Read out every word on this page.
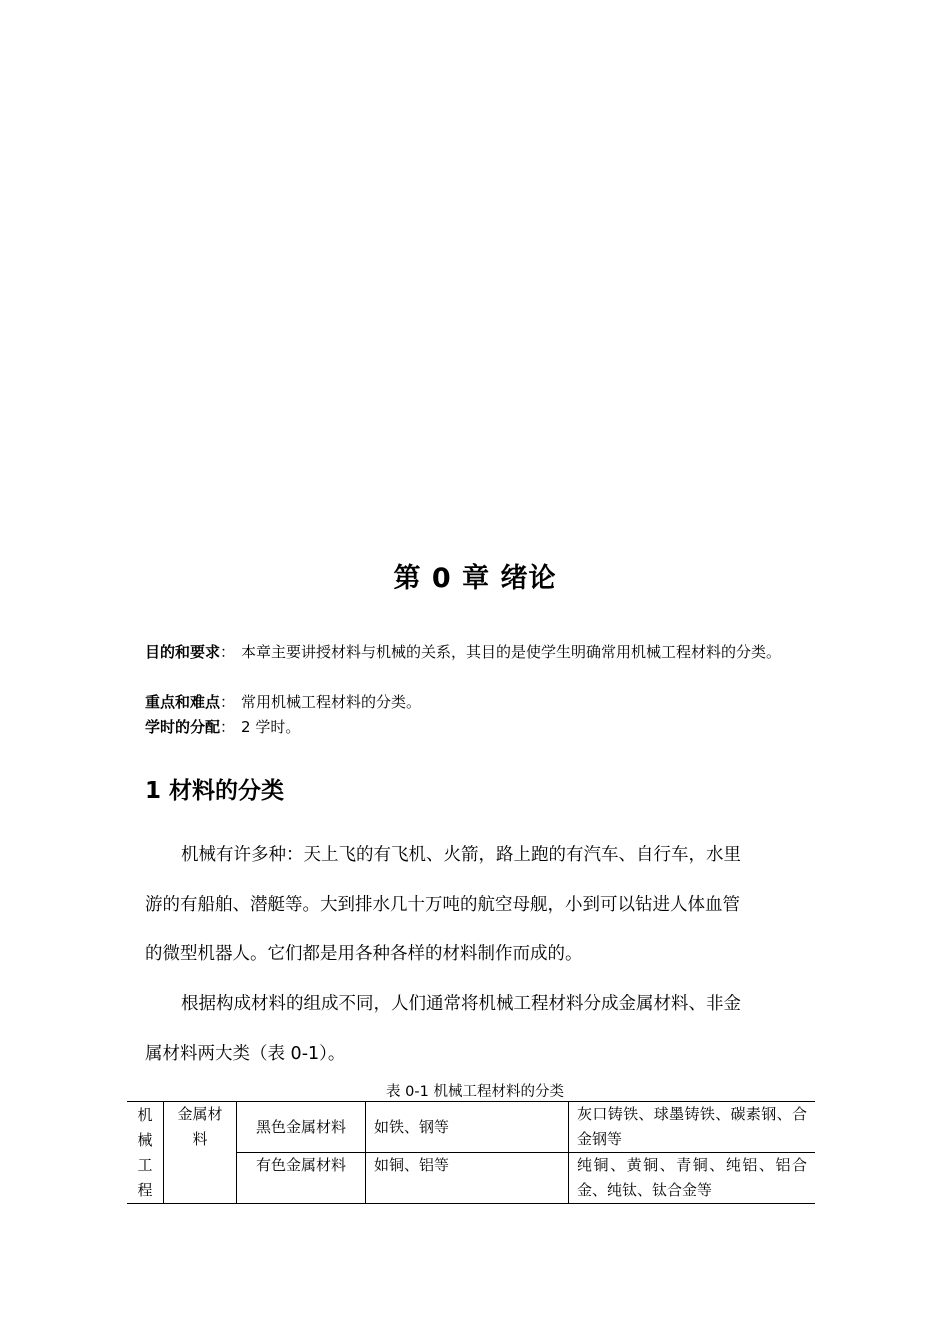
第 0 章 绪论
目的和要求 ： 本章主要讲授材料与机械的关系，其目的是使学生明确常用机械工程材料的分类。
重点和难点 ： 常用机械工程材料的分类。
学时的分配 ： 2 学时。
1 材料的分类
机械有许多种：天上飞的有飞机、火箭，路上跑的有汽车、自行车，水里
游的有船舶、潜艇等。大到排水几十万吨的航空母舰，小到可以钻进人体血管
的微型机器人。它们都是用各种各样的材料制作而成的。
根据构成材料的组成不同，人们通常将机械工程材料分成金属材料、非金
属材料两大类（表 0-1）。
表 0-1 机械工程材料的分类
机械工程	金属材料	黑色金属材料	如铁、钢等	灰口铸铁、球墨铸铁、碳素钢、合金钢等
		有色金属材料	如铜、铝等	纯铜、黄铜、青铜、纯铝、铝合金、纯钛、钛合金等
